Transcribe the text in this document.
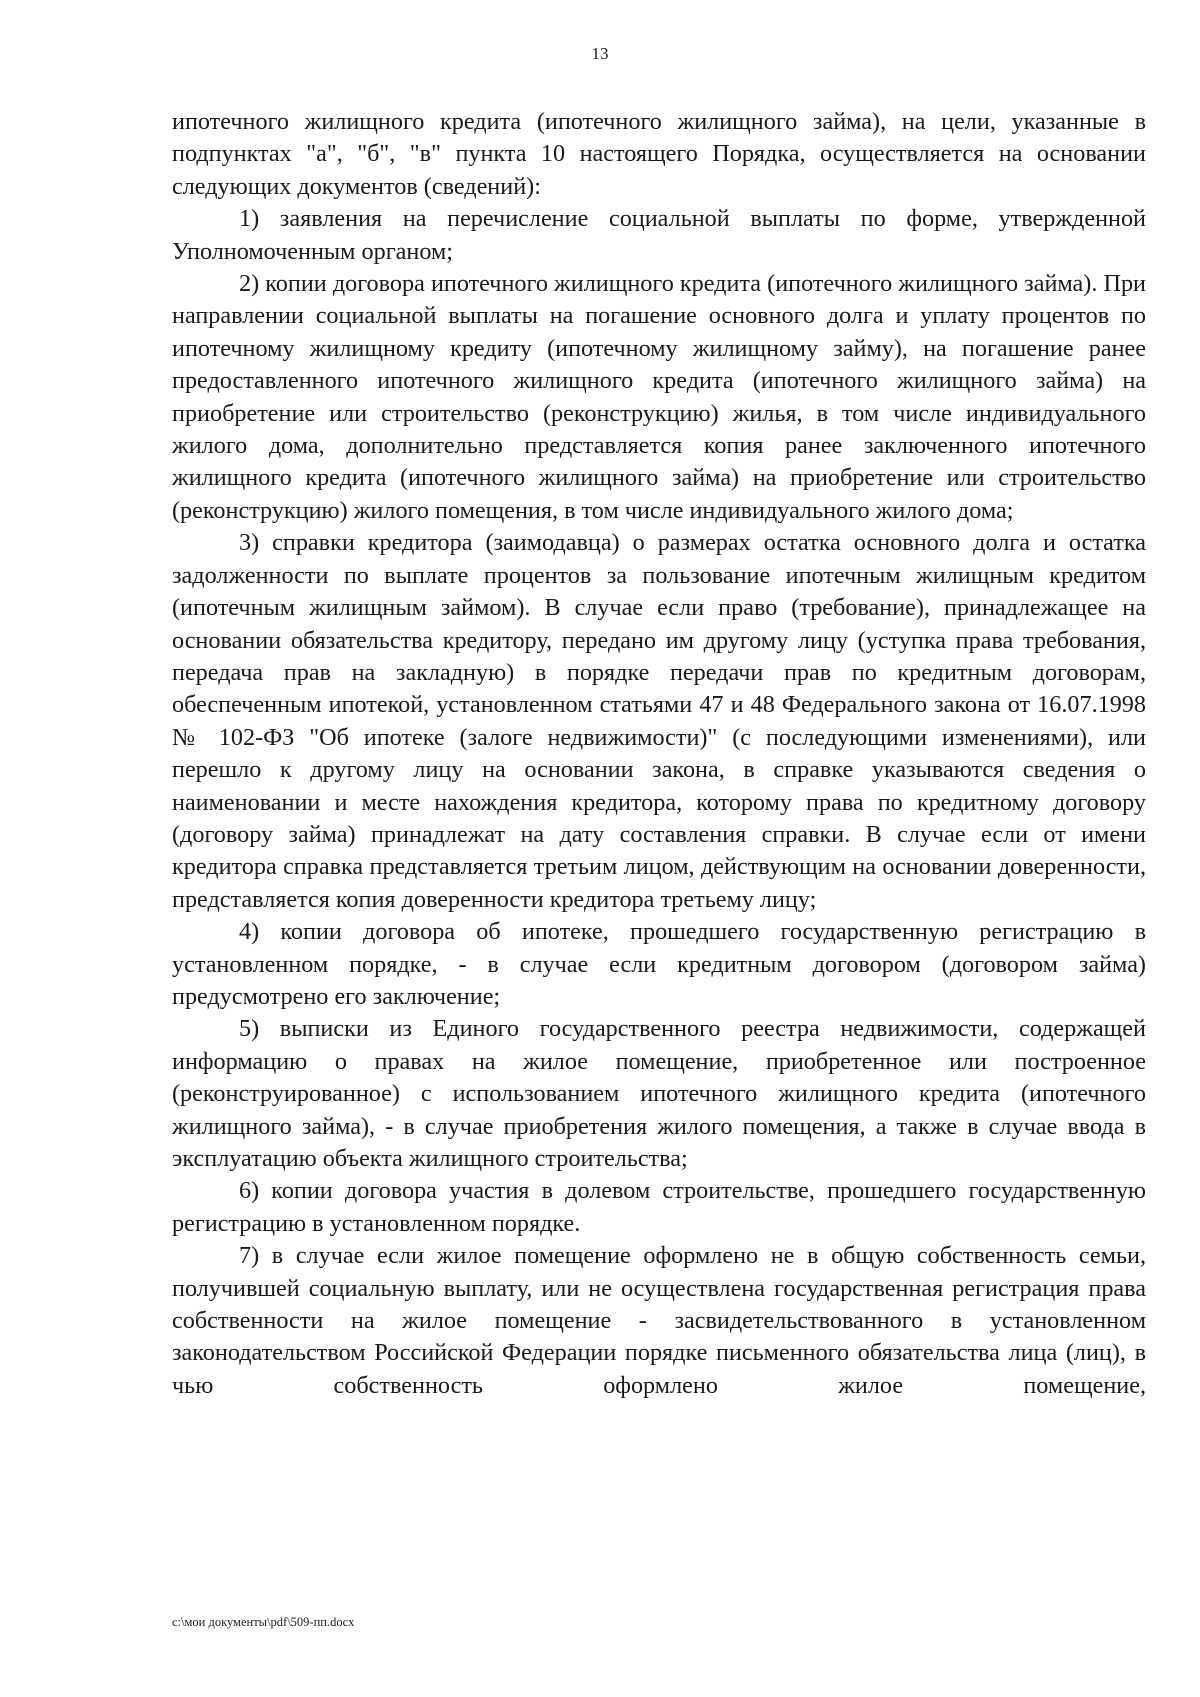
13

ипотечного жилищного кредита (ипотечного жилищного займа), на цели, указанные в подпунктах "а", "б", "в" пункта 10 настоящего Порядка, осуществляется на основании следующих документов (сведений):

1) заявления на перечисление социальной выплаты по форме, утвержденной Уполномоченным органом;

2) копии договора ипотечного жилищного кредита (ипотечного жилищного займа). При направлении социальной выплаты на погашение основного долга и уплату процентов по ипотечному жилищному кредиту (ипотечному жилищному займу), на погашение ранее предоставленного ипотечного жилищного кредита (ипотечного жилищного займа) на приобретение или строительство (реконструкцию) жилья, в том числе индивидуального жилого дома, дополнительно представляется копия ранее заключенного ипотечного жилищного кредита (ипотечного жилищного займа) на приобретение или строительство (реконструкцию) жилого помещения, в том числе индивидуального жилого дома;

3) справки кредитора (заимодавца) о размерах остатка основного долга и остатка задолженности по выплате процентов за пользование ипотечным жилищным кредитом (ипотечным жилищным займом). В случае если право (требование), принадлежащее на основании обязательства кредитору, передано им другому лицу (уступка права требования, передача прав на закладную) в порядке передачи прав по кредитным договорам, обеспеченным ипотекой, установленном статьями 47 и 48 Федерального закона от 16.07.1998 № 102-ФЗ "Об ипотеке (залоге недвижимости)" (с последующими изменениями), или перешло к другому лицу на основании закона, в справке указываются сведения о наименовании и месте нахождения кредитора, которому права по кредитному договору (договору займа) принадлежат на дату составления справки. В случае если от имени кредитора справка представляется третьим лицом, действующим на основании доверенности, представляется копия доверенности кредитора третьему лицу;

4) копии договора об ипотеке, прошедшего государственную регистрацию в установленном порядке, - в случае если кредитным договором (договором займа) предусмотрено его заключение;

5) выписки из Единого государственного реестра недвижимости, содержащей информацию о правах на жилое помещение, приобретенное или построенное (реконструированное) с использованием ипотечного жилищного кредита (ипотечного жилищного займа), - в случае приобретения жилого помещения, а также в случае ввода в эксплуатацию объекта жилищного строительства;

6) копии договора участия в долевом строительстве, прошедшего государственную регистрацию в установленном порядке.

7) в случае если жилое помещение оформлено не в общую собственность семьи, получившей социальную выплату, или не осуществлена государственная регистрация права собственности на жилое помещение - засвидетельствованного в установленном законодательством Российской Федерации порядке письменного обязательства лица (лиц), в чью собственность оформлено жилое помещение,

c:\мои документы\pdf\509-пп.docx
